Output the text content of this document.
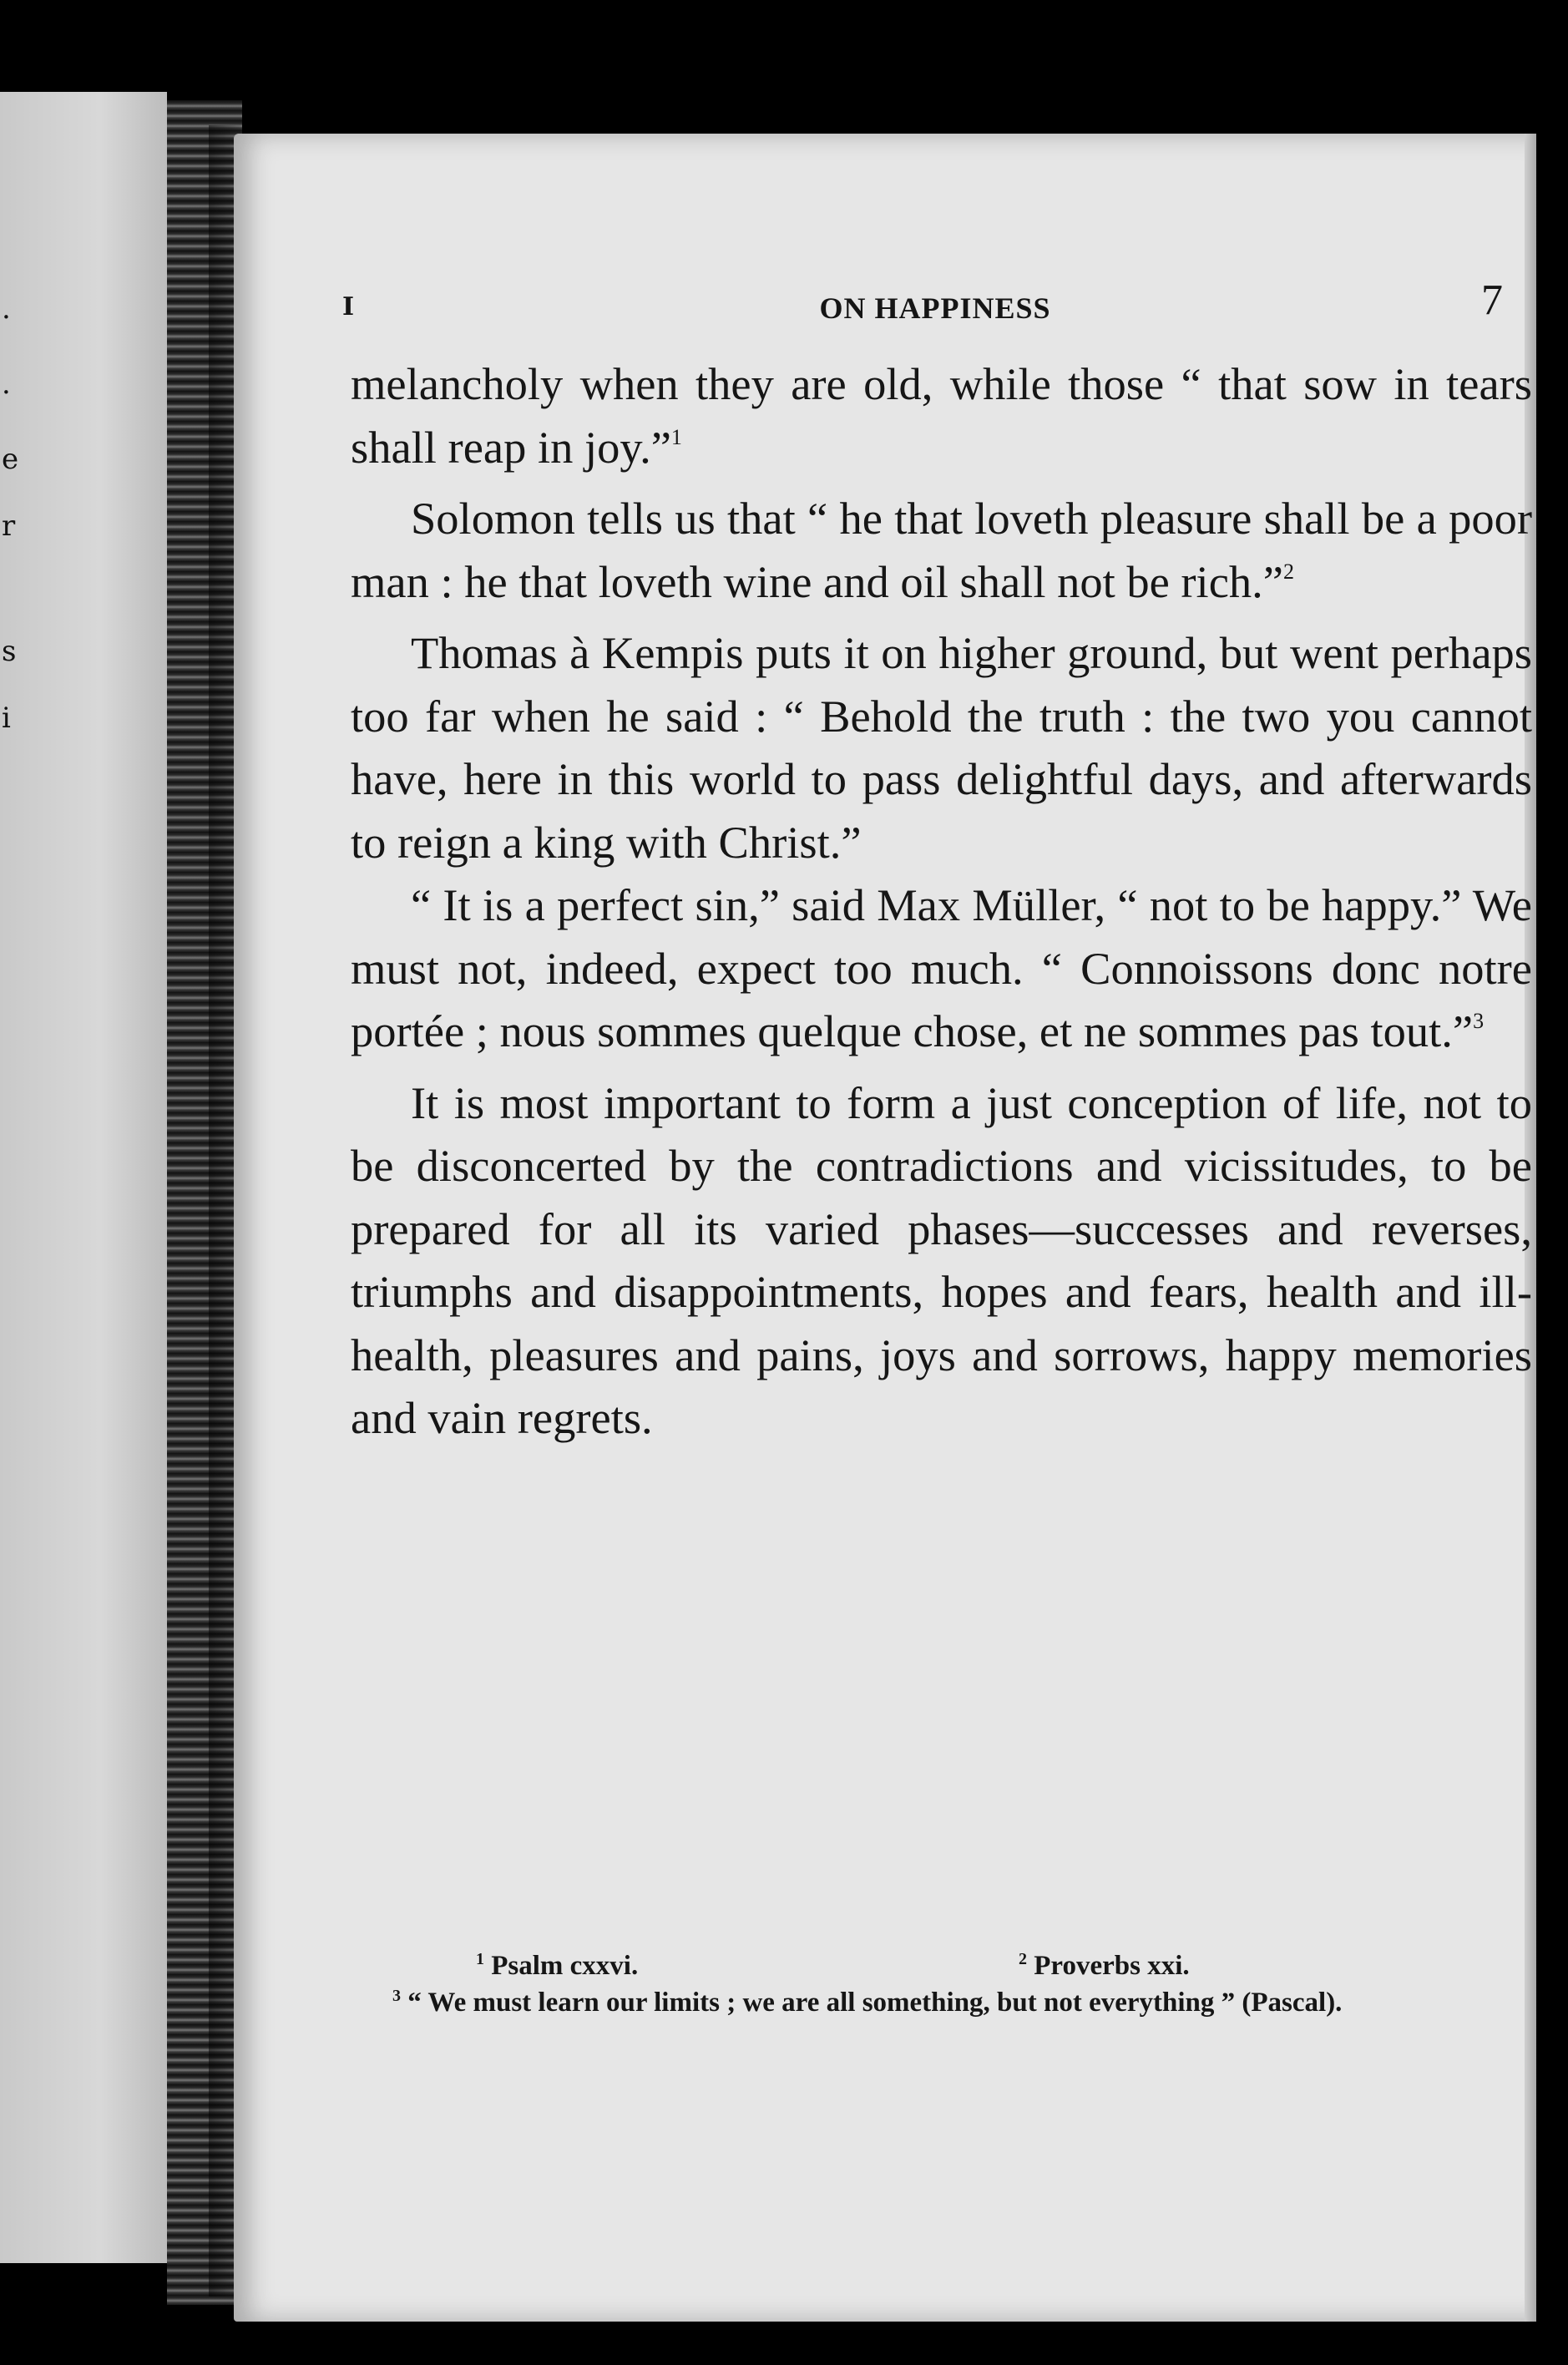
.
·
e
r
s
i
I	ON HAPPINESS	7

melancholy when they are old, while those “ that sow in tears shall reap in joy.”$^1$

Solomon tells us that “ he that loveth pleasure shall be a poor man : he that loveth wine and oil shall not be rich.”$^2$

Thomas à Kempis puts it on higher ground, but went perhaps too far when he said : “ Behold the truth : the two you cannot have, here in this world to pass delightful days, and afterwards to reign a king with Christ.”

“ It is a perfect sin,” said Max Müller, “ not to be happy.” We must not, indeed, expect too much. “ Connoissons donc notre portée ; nous sommes quelque chose, et ne sommes pas tout.”$^3$

It is most important to form a just conception of life, not to be disconcerted by the contradictions and vicissitudes, to be prepared for all its varied phases—successes and reverses, triumphs and disappointments, hopes and fears, health and ill-health, pleasures and pains, joys and sorrows, happy memories and vain regrets.

$^1$ Psalm cxxvi.	$^2$ Proverbs xxi.
$^3$ “ We must learn our limits ; we are all something, but not everything ” (Pascal).
